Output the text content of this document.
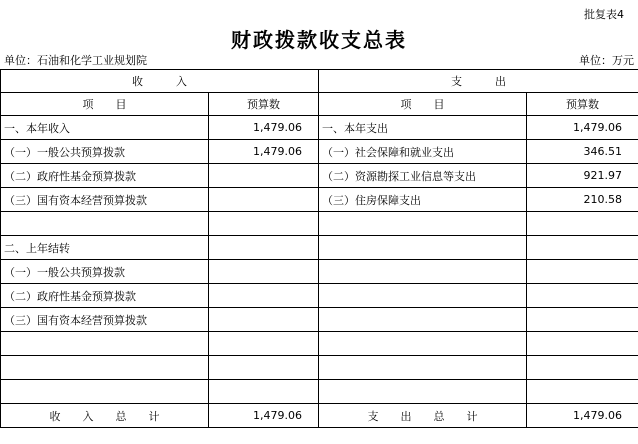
批复表4
财政拨款收支总表
单位：石油和化学工业规划院	单位：万元
收　　　入		支　　　出	
项　　目	预算数	项　　目	预算数
一、本年收入	1,479.06	一、本年支出	1,479.06
（一）一般公共预算拨款	1,479.06	（一）社会保障和就业支出	346.51
（二）政府性基金预算拨款		（二）资源勘探工业信息等支出	921.97
（三）国有资本经营预算拨款		（三）住房保障支出	210.58

二、上年结转			
（一）一般公共预算拨款			
（二）政府性基金预算拨款			
（三）国有资本经营预算拨款			

收　　入　　总　　计	1,479.06	支　　出　　总　　计	1,479.06
